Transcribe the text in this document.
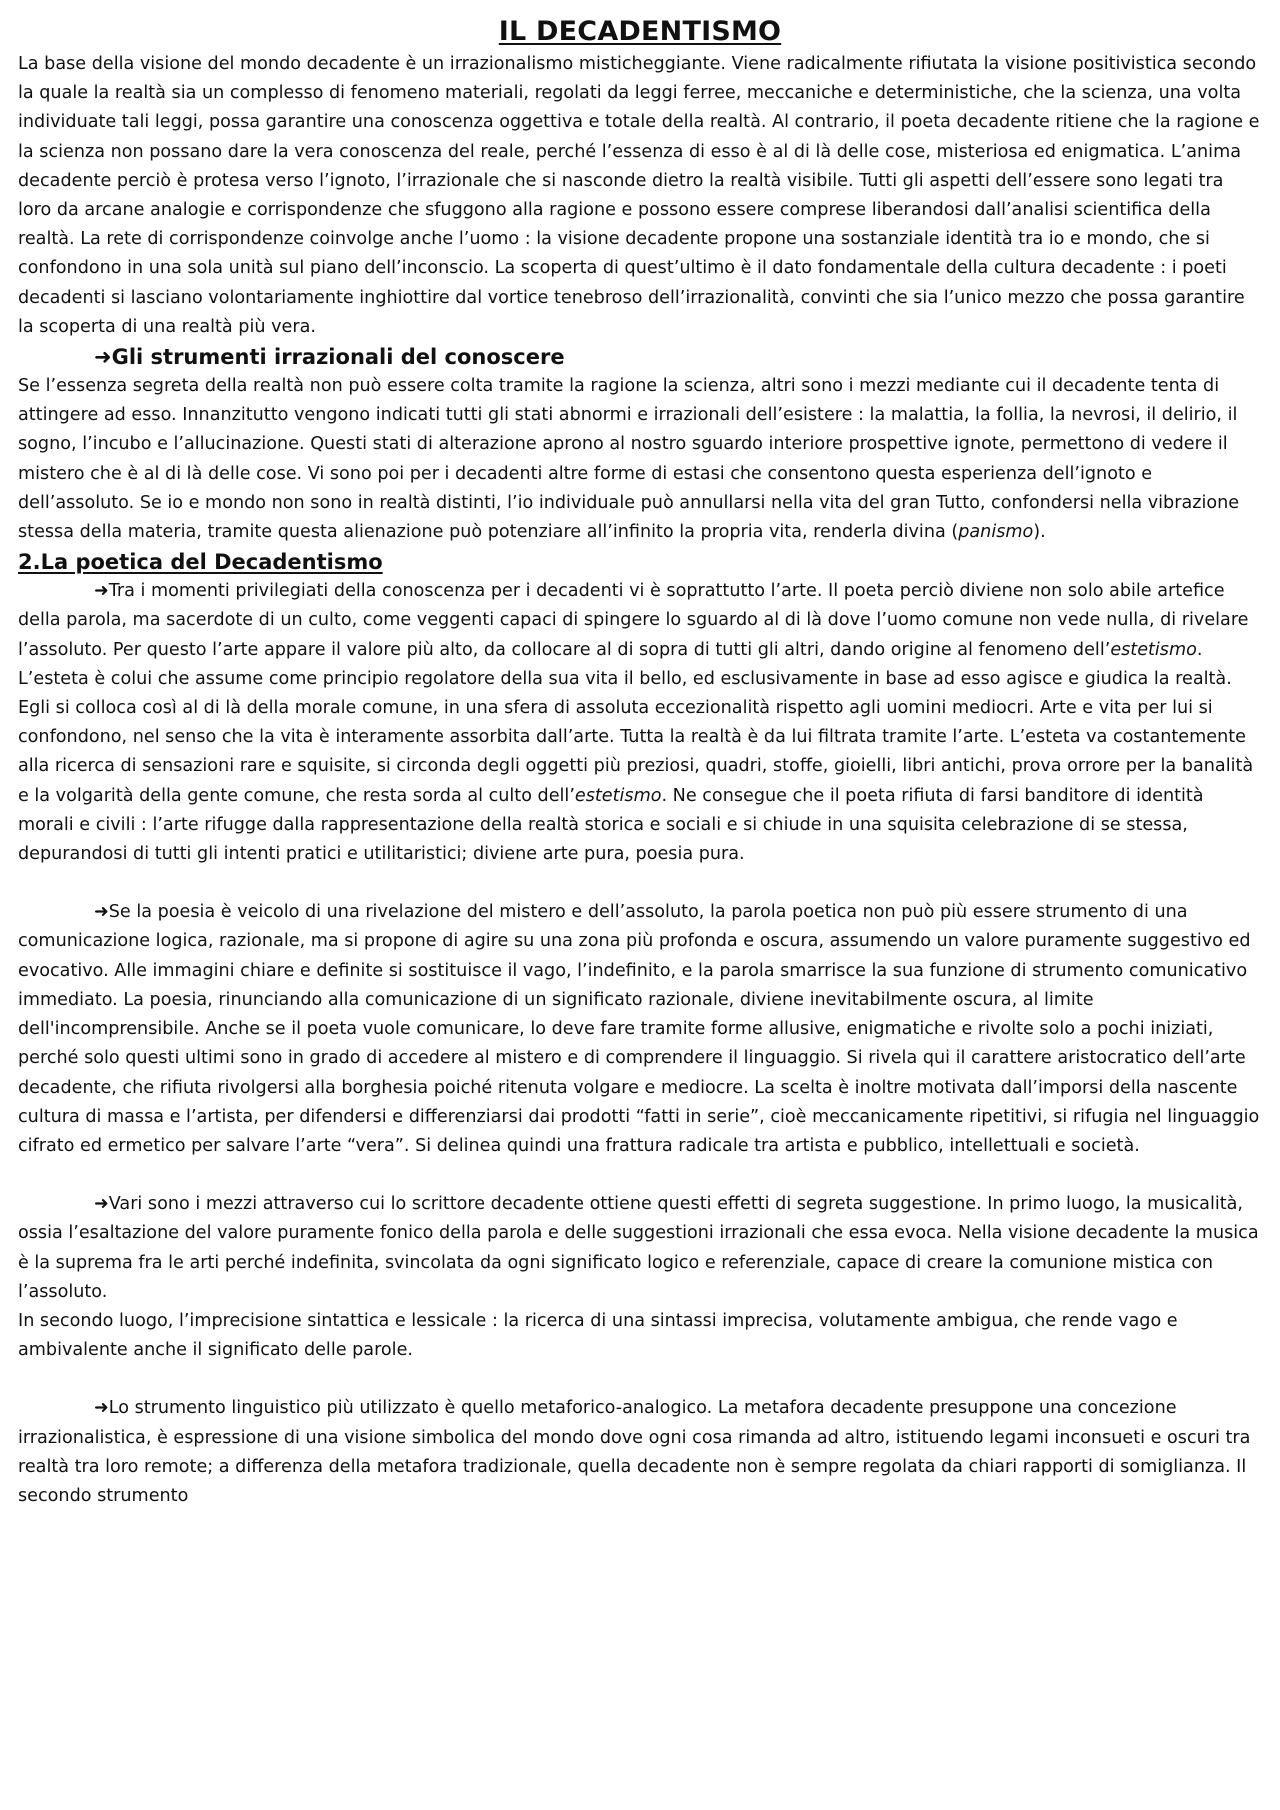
IL DECADENTISMO

La base della visione del mondo decadente è un irrazionalismo misticheggiante. Viene radicalmente rifiutata la visione positivistica secondo la quale la realtà sia un complesso di fenomeno materiali, regolati da leggi ferree, meccaniche e deterministiche, che la scienza, una volta individuate tali leggi, possa garantire una conoscenza oggettiva e totale della realtà. Al contrario, il poeta decadente ritiene che la ragione e la scienza non possano dare la vera conoscenza del reale, perché l’essenza di esso è al di là delle cose, misteriosa ed enigmatica. L’anima decadente perciò è protesa verso l’ignoto, l’irrazionale che si nasconde dietro la realtà visibile. Tutti gli aspetti dell’essere sono legati tra loro da arcane analogie e corrispondenze che sfuggono alla ragione e possono essere comprese liberandosi dall’analisi scientifica della realtà. La rete di corrispondenze coinvolge anche l’uomo : la visione decadente propone una sostanziale identità tra io e mondo, che si confondono in una sola unità sul piano dell’inconscio. La scoperta di quest’ultimo è il dato fondamentale della cultura decadente : i poeti decadenti si lasciano volontariamente inghiottire dal vortice tenebroso dell’irrazionalità, convinti che sia l’unico mezzo che possa garantire la scoperta di una realtà più vera.

➜Gli strumenti irrazionali del conoscere

Se l’essenza segreta della realtà non può essere colta tramite la ragione la scienza, altri sono i mezzi mediante cui il decadente tenta di attingere ad esso. Innanzitutto vengono indicati tutti gli stati abnormi e irrazionali dell’esistere : la malattia, la follia, la nevrosi, il delirio, il sogno, l’incubo e l’allucinazione. Questi stati di alterazione aprono al nostro sguardo interiore prospettive ignote, permettono di vedere il mistero che è al di là delle cose. Vi sono poi per i decadenti altre forme di estasi che consentono questa esperienza dell’ignoto e dell’assoluto. Se io e mondo non sono in realtà distinti, l’io individuale può annullarsi nella vita del gran Tutto, confondersi nella vibrazione stessa della materia, tramite questa alienazione può potenziare all’infinito la propria vita, renderla divina (panismo).

2.La poetica del Decadentismo

➜Tra i momenti privilegiati della conoscenza per i decadenti vi è soprattutto l’arte. Il poeta perciò diviene non solo abile artefice della parola, ma sacerdote di un culto, come veggenti capaci di spingere lo sguardo al di là dove l’uomo comune non vede nulla, di rivelare l’assoluto. Per questo l’arte appare il valore più alto, da collocare al di sopra di tutti gli altri, dando origine al fenomeno dell’estetismo. L’esteta è colui che assume come principio regolatore della sua vita il bello, ed esclusivamente in base ad esso agisce e giudica la realtà. Egli si colloca così al di là della morale comune, in una sfera di assoluta eccezionalità rispetto agli uomini mediocri. Arte e vita per lui si confondono, nel senso che la vita è interamente assorbita dall’arte. Tutta la realtà è da lui filtrata tramite l’arte. L’esteta va costantemente alla ricerca di sensazioni rare e squisite, si circonda degli oggetti più preziosi, quadri, stoffe, gioielli, libri antichi, prova orrore per la banalità e la volgarità della gente comune, che resta sorda al culto dell’estetismo. Ne consegue che il poeta rifiuta di farsi banditore di identità morali e civili : l’arte rifugge dalla rappresentazione della realtà storica e sociali e si chiude in una squisita celebrazione di se stessa, depurandosi di tutti gli intenti pratici e utilitaristici; diviene arte pura, poesia pura.

➜Se la poesia è veicolo di una rivelazione del mistero e dell’assoluto, la parola poetica non può più essere strumento di una comunicazione logica, razionale, ma si propone di agire su una zona più profonda e oscura, assumendo un valore puramente suggestivo ed evocativo. Alle immagini chiare e definite si sostituisce il vago, l’indefinito, e la parola smarrisce la sua funzione di strumento comunicativo immediato. La poesia, rinunciando alla comunicazione di un significato razionale, diviene inevitabilmente oscura, al limite dell'incomprensibile. Anche se il poeta vuole comunicare, lo deve fare tramite forme allusive, enigmatiche e rivolte solo a pochi iniziati, perché solo questi ultimi sono in grado di accedere al mistero e di comprendere il linguaggio. Si rivela qui il carattere aristocratico dell’arte decadente, che rifiuta rivolgersi alla borghesia poiché ritenuta volgare e mediocre. La scelta è inoltre motivata dall’imporsi della nascente cultura di massa e l’artista, per difendersi e differenziarsi dai prodotti “fatti in serie”, cioè meccanicamente ripetitivi, si rifugia nel linguaggio cifrato ed ermetico per salvare l’arte “vera”. Si delinea quindi una frattura radicale tra artista e pubblico, intellettuali e società.

➜Vari sono i mezzi attraverso cui lo scrittore decadente ottiene questi effetti di segreta suggestione. In primo luogo, la musicalità, ossia l’esaltazione del valore puramente fonico della parola e delle suggestioni irrazionali che essa evoca. Nella visione decadente la musica è la suprema fra le arti perché indefinita, svincolata da ogni significato logico e referenziale, capace di creare la comunione mistica con l’assoluto.

In secondo luogo, l’imprecisione sintattica e lessicale : la ricerca di una sintassi imprecisa, volutamente ambigua, che rende vago e ambivalente anche il significato delle parole.

➜Lo strumento linguistico più utilizzato è quello metaforico-analogico. La metafora decadente presuppone una concezione irrazionalistica, è espressione di una visione simbolica del mondo dove ogni cosa rimanda ad altro, istituendo legami inconsueti e oscuri tra realtà tra loro remote; a differenza della metafora tradizionale, quella decadente non è sempre regolata da chiari rapporti di somiglianza. Il secondo strumento
